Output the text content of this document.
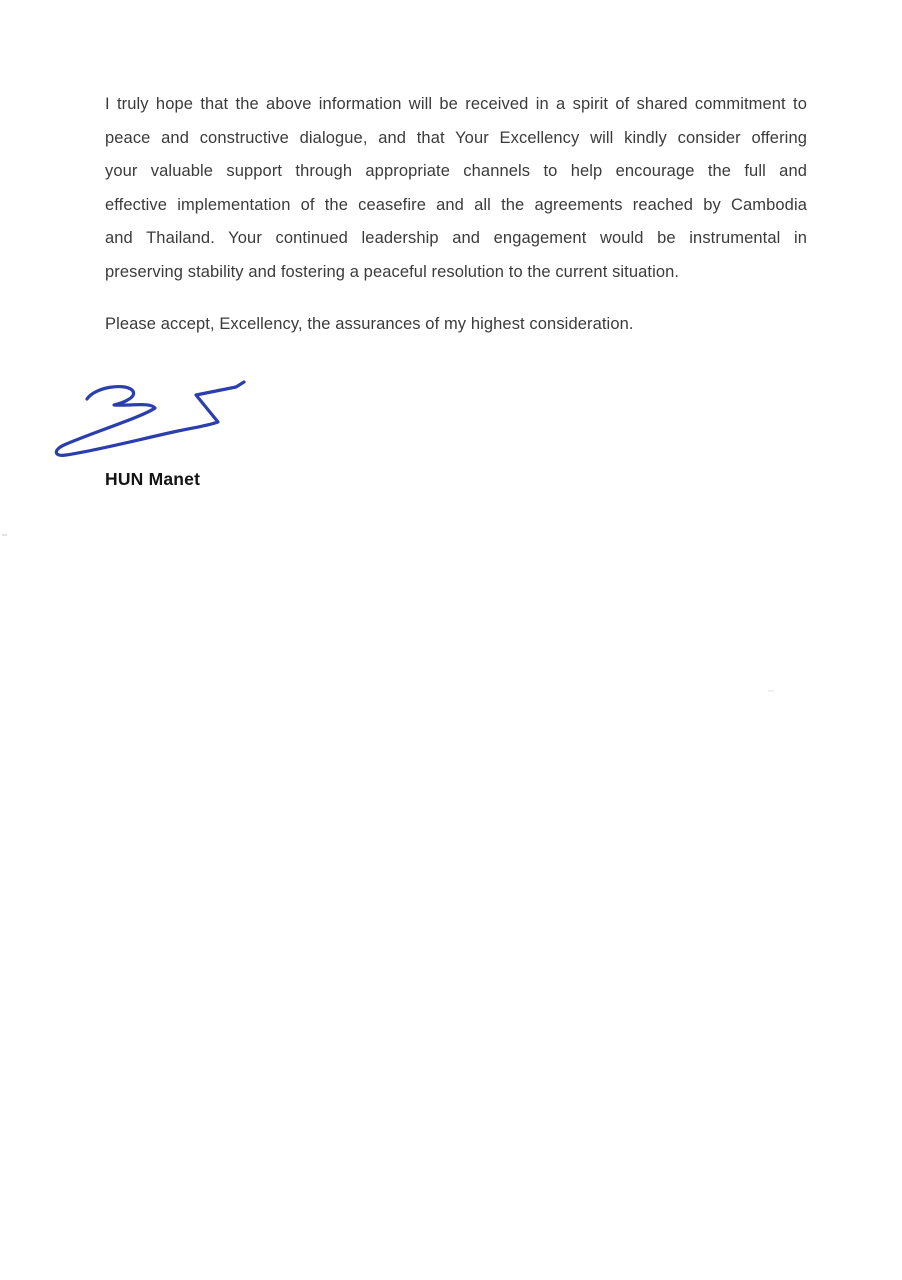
I truly hope that the above information will be received in a spirit of shared commitment to
peace and constructive dialogue, and that Your Excellency will kindly consider offering
your valuable support through appropriate channels to help encourage the full and
effective implementation of the ceasefire and all the agreements reached by Cambodia
and Thailand. Your continued leadership and engagement would be instrumental in
preserving stability and fostering a peaceful resolution to the current situation.
Please accept, Excellency, the assurances of my highest consideration.
HUN Manet
